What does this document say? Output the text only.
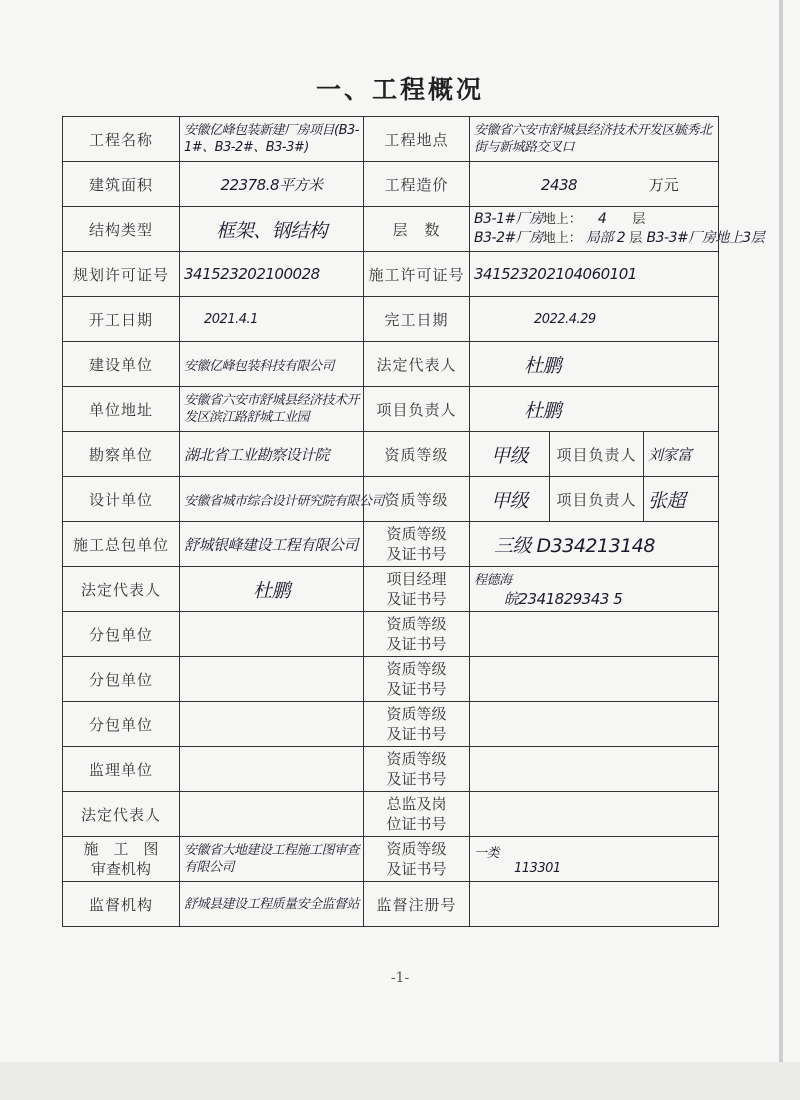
一、工程概况
工程名称	安徽亿峰包装新建厂房项目(B3-1#、B3-2#、B3-3#)	工程地点	安徽省六安市舒城县经济技术开发区毓秀北街与新城路交叉口		

建筑面积	22378.8平方米	工程造价	2438 万元		
结构类型	框架、钢结构	层　数	B3-1#厂房地上： 4 层
B3-2#厂房地上： 局部 2 层 B3-3#厂房地上3层		

规划许可证号	341523202100028	施工许可证号	341523202104060101		

开工日期	2021.4.1	完工日期	2022.4.29		

建设单位	安徽亿峰包装科技有限公司	法定代表人	杜鹏		

单位地址	安徽省六安市舒城县经济技术开发区滨江路舒城工业园	项目负责人	杜鹏		

勘察单位	湖北省工业勘察设计院	资质等级	甲级	项目负责人	刘家富

设计单位	安徽省城市综合设计研究院有限公司	资质等级	甲级	项目负责人	张超

施工总包单位	舒城银峰建设工程有限公司	资质等级
及证书号	三级 D334213148		

法定代表人	杜鹏	项目经理
及证书号	程德海
皖2341829343 5		

分包单位		资质等级
及证书号			
分包单位		资质等级
及证书号			
分包单位		资质等级
及证书号			
监理单位		资质等级
及证书号			
法定代表人		总监及岗
位证书号			
施　工　图
审查机构	安徽省大地建设工程施工图审查有限公司	资质等级
及证书号	一类
113301		

监督机构	舒城县建设工程质量安全监督站	监督注册号			
-1-
